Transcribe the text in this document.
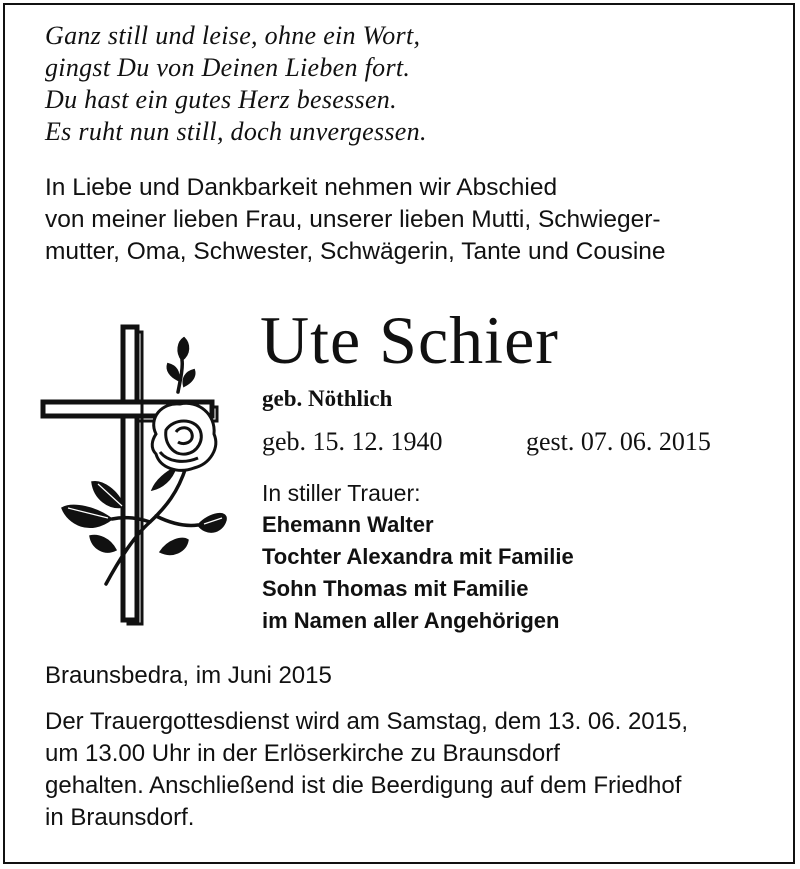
Ganz still und leise, ohne ein Wort,
gingst Du von Deinen Lieben fort.
Du hast ein gutes Herz besessen.
Es ruht nun still, doch unvergessen.
In Liebe und Dankbarkeit nehmen wir Abschied
von meiner lieben Frau, unserer lieben Mutti, Schwieger-
mutter, Oma, Schwester, Schwägerin, Tante und Cousine
Ute Schier
geb. Nöthlich
geb. 15. 12. 1940	gest. 07. 06. 2015
In stiller Trauer:
Ehemann Walter
Tochter Alexandra mit Familie
Sohn Thomas mit Familie
im Namen aller Angehörigen
Braunsbedra, im Juni 2015
Der Trauergottesdienst wird am Samstag, dem 13. 06. 2015,
um 13.00 Uhr in der Erlöserkirche zu Braunsdorf
gehalten. Anschließend ist die Beerdigung auf dem Friedhof
in Braunsdorf.
